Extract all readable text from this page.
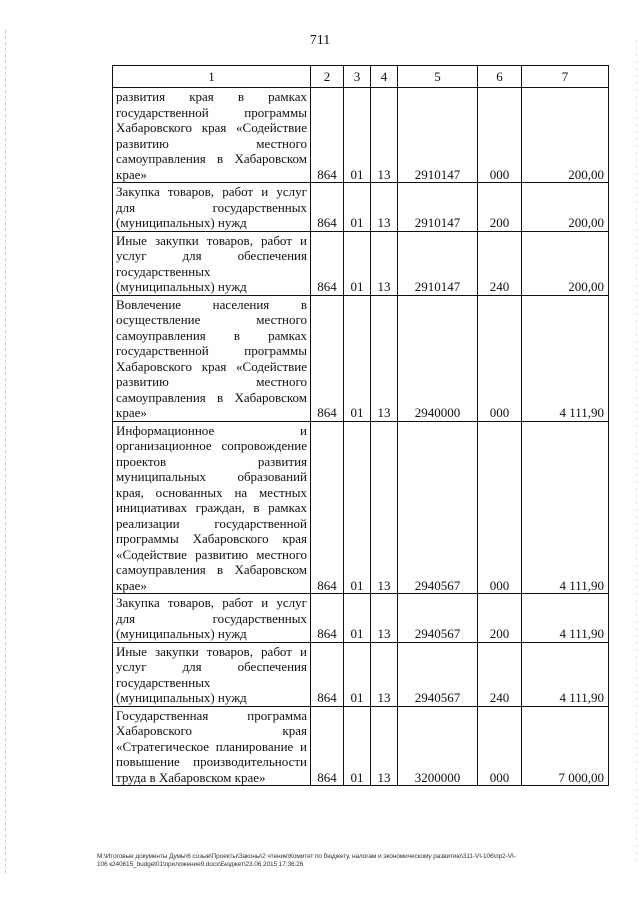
711
1	2	3	4	5	6	7
развития края в рамках государственной программы Хабаровского края «Содействие развитию местного самоуправления в Хабаровском крае»	864	01	13	2910147	000	200,00
Закупка товаров, работ и услуг для государственных (муниципальных) нужд	864	01	13	2910147	200	200,00
Иные закупки товаров, работ и услуг для обеспечения государственных (муниципальных) нужд	864	01	13	2910147	240	200,00
Вовлечение населения в осуществление местного самоуправления в рамках государственной программы Хабаровского края «Содействие развитию местного самоуправления в Хабаровском крае»	864	01	13	2940000	000	4 111,90
Информационное и организационное сопровождение проектов развития муниципальных образований края, основанных на местных инициативах граждан, в рамках реализации государственной программы Хабаровского края «Содействие развитию местного самоуправления в Хабаровском крае»	864	01	13	2940567	000	4 111,90
Закупка товаров, работ и услуг для государственных (муниципальных) нужд	864	01	13	2940567	200	4 111,90
Иные закупки товаров, работ и услуг для обеспечения государственных (муниципальных) нужд	864	01	13	2940567	240	4 111,90
Государственная программа Хабаровского края «Стратегическое планирование и повышение производительности труда в Хабаровском крае»	864	01	13	3200000	000	7 000,00
M:\Итоговые документы Думы\6 созыв\Проекты\Законы\2 чтение\Комитет по бюджету, налогам и экономическому развитию\311-VI-106\пр2-VI-
106 к240615_budget01\приложение9.docx\Бюджет\23.06.2015 17:36:26
